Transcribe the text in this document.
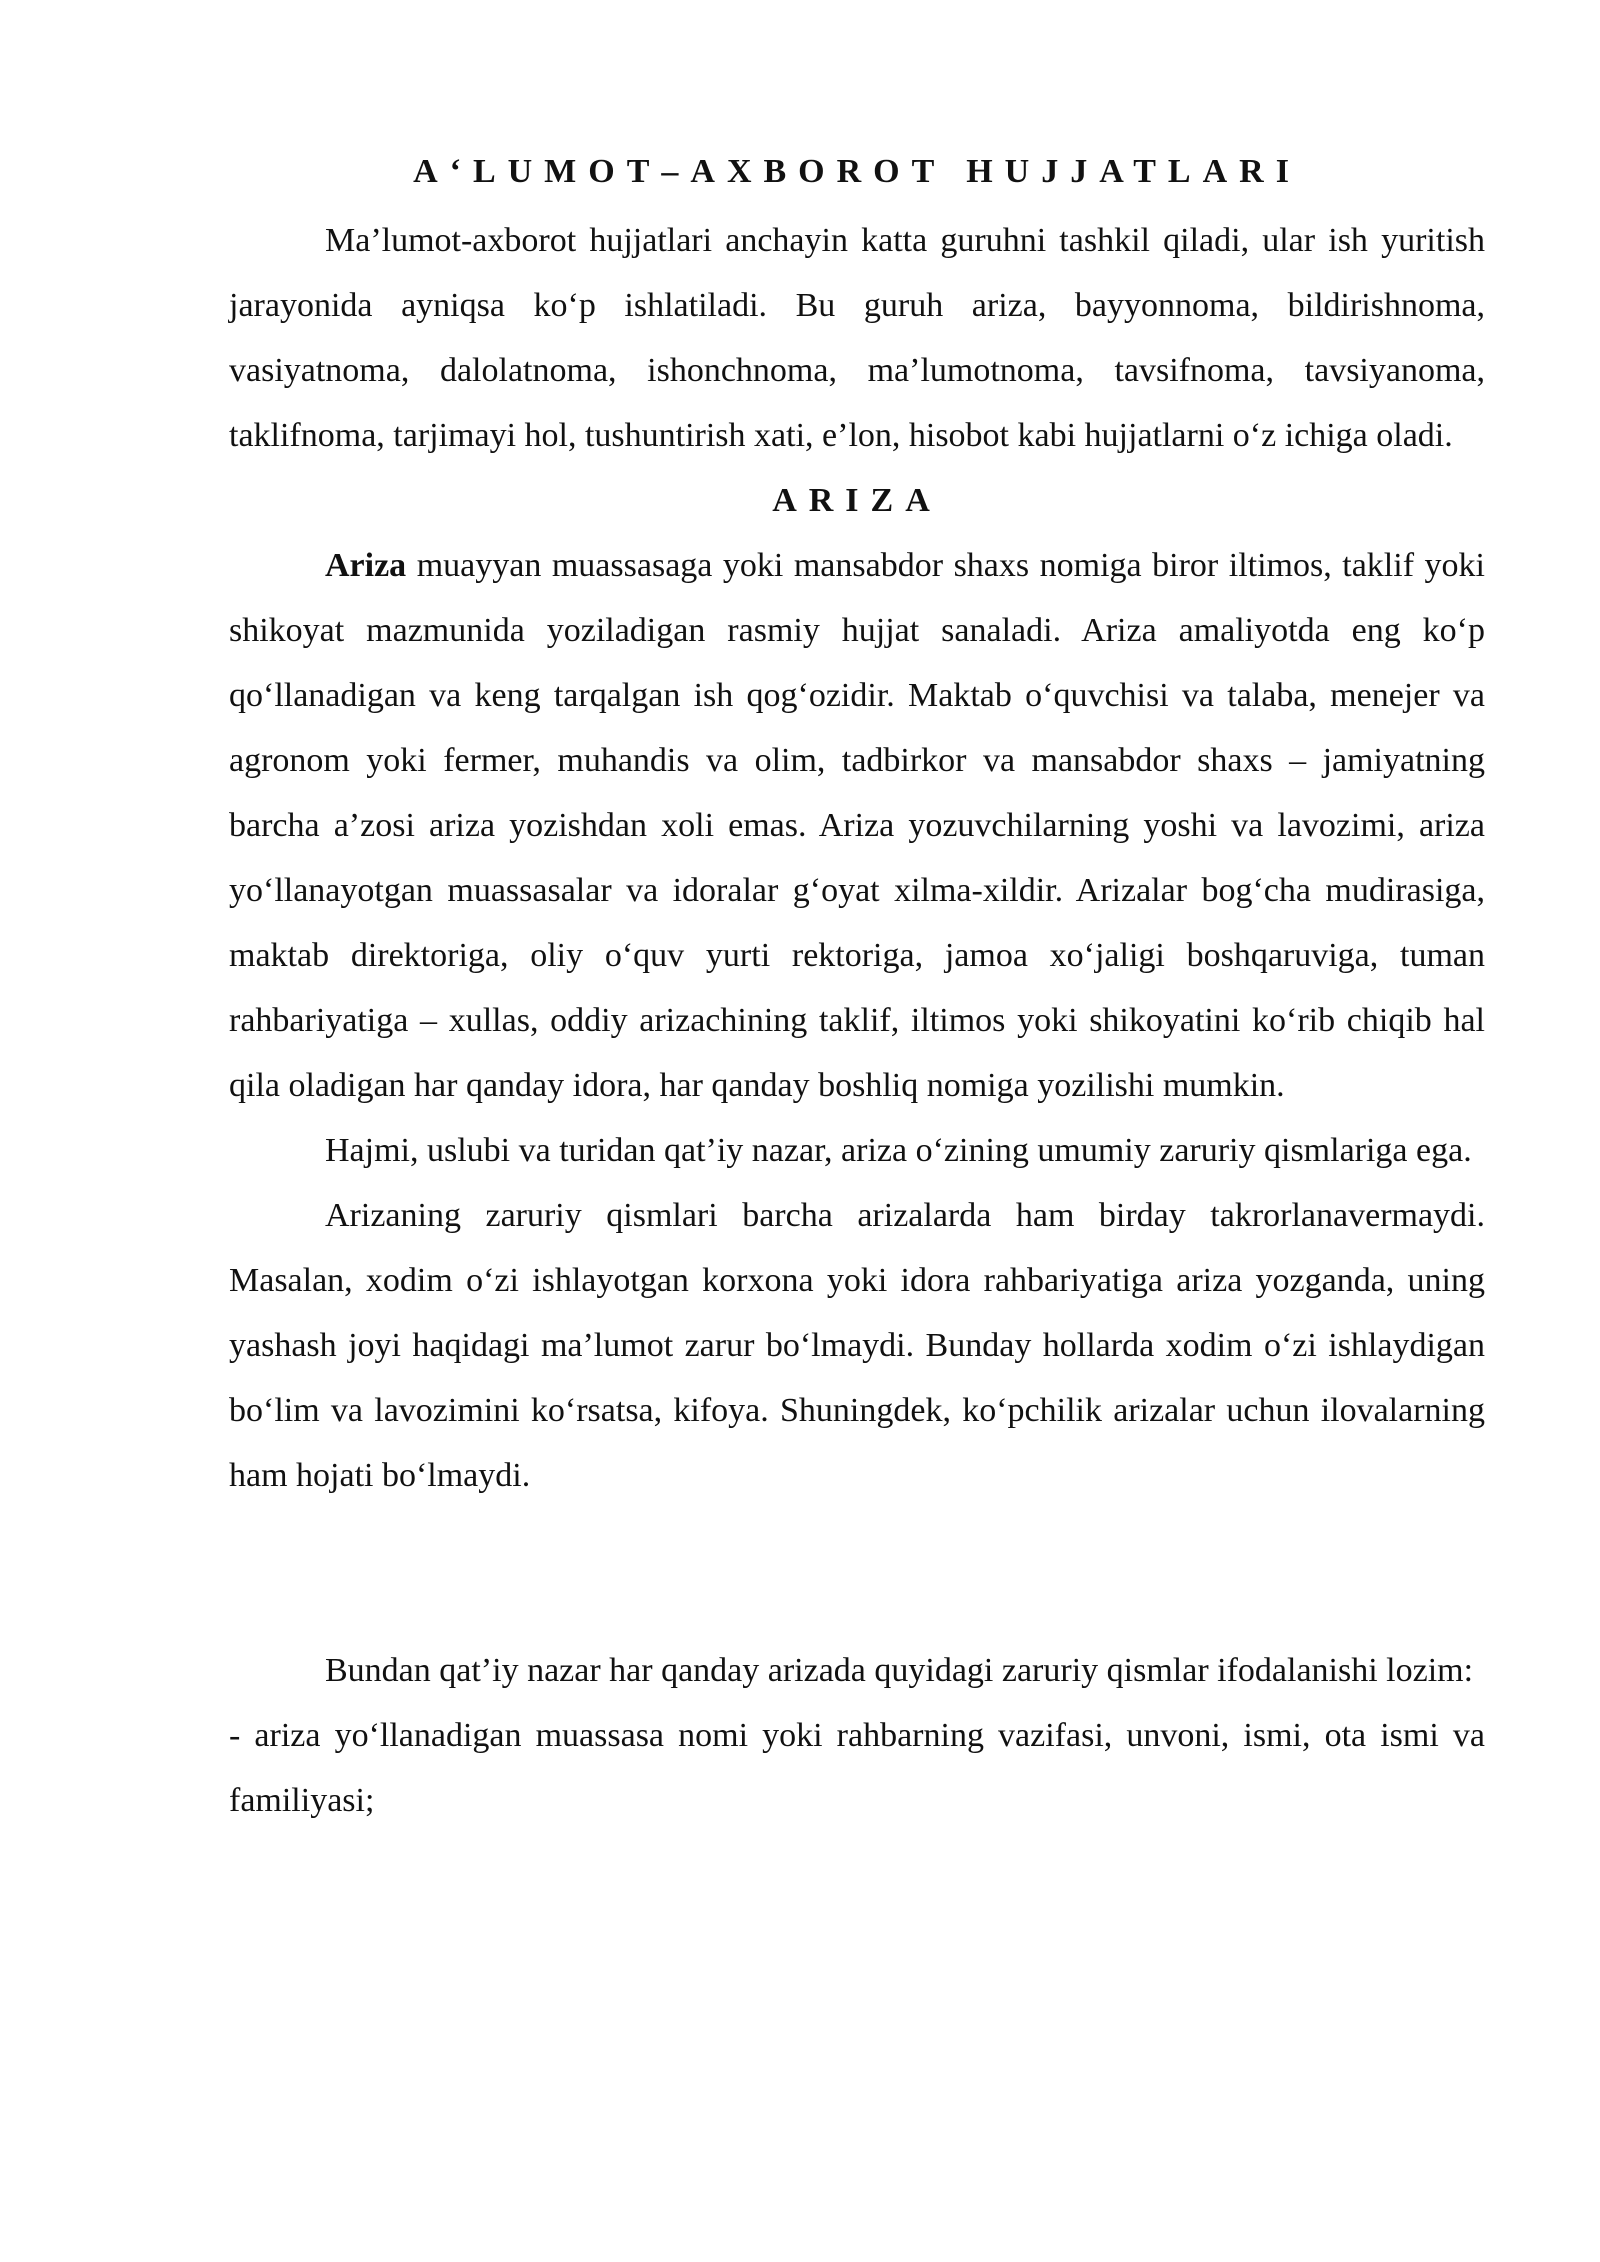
A‘LUMOT–AXBOROT HUJJATLARI

Ma’lumot-axborot hujjatlari anchayin katta guruhni tashkil qiladi, ular ish yuritish jarayonida ayniqsa ko‘p ishlatiladi. Bu guruh ariza, bayyonnoma, bildirishnoma, vasiyatnoma, dalolatnoma, ishonchnoma, ma’lumotnoma, tavsifnoma, tavsiyanoma, taklifnoma, tarjimayi hol, tushuntirish xati, e’lon, hisobot kabi hujjatlarni o‘z ichiga oladi.

ARIZA

Ariza muayyan muassasaga yoki mansabdor shaxs nomiga biror iltimos, taklif yoki shikoyat mazmunida yoziladigan rasmiy hujjat sanaladi. Ariza amaliyotda eng ko‘p qo‘llanadigan va keng tarqalgan ish qog‘ozidir. Maktab o‘quvchisi va talaba, menejer va agronom yoki fermer, muhandis va olim, tadbirkor va mansabdor shaxs – jamiyatning barcha a’zosi ariza yozishdan xoli emas. Ariza yozuvchilarning yoshi va lavozimi, ariza yo‘llanayotgan muassasalar va idoralar g‘oyat xilma-xildir. Arizalar bog‘cha mudirasiga, maktab direktoriga, oliy o‘quv yurti rektoriga, jamoa xo‘jaligi boshqaruviga, tuman rahbariyatiga – xullas, oddiy arizachining taklif, iltimos yoki shikoyatini ko‘rib chiqib hal qila oladigan har qanday idora, har qanday boshliq nomiga yozilishi mumkin.

Hajmi, uslubi va turidan qat’iy nazar, ariza o‘zining umumiy zaruriy qismlariga ega.

Arizaning zaruriy qismlari barcha arizalarda ham birday takrorlanavermaydi. Masalan, xodim o‘zi ishlayotgan korxona yoki idora rahbariyatiga ariza yozganda, uning yashash joyi haqidagi ma’lumot zarur bo‘lmaydi. Bunday hollarda xodim o‘zi ishlaydigan bo‘lim va lavozimini ko‘rsatsa, kifoya. Shuningdek, ko‘pchilik arizalar uchun ilovalarning ham hojati bo‘lmaydi.

Bundan qat’iy nazar har qanday arizada quyidagi zaruriy qismlar ifodalanishi lozim:

- ariza yo‘llanadigan muassasa nomi yoki rahbarning vazifasi, unvoni, ismi, ota ismi va familiyasi;
